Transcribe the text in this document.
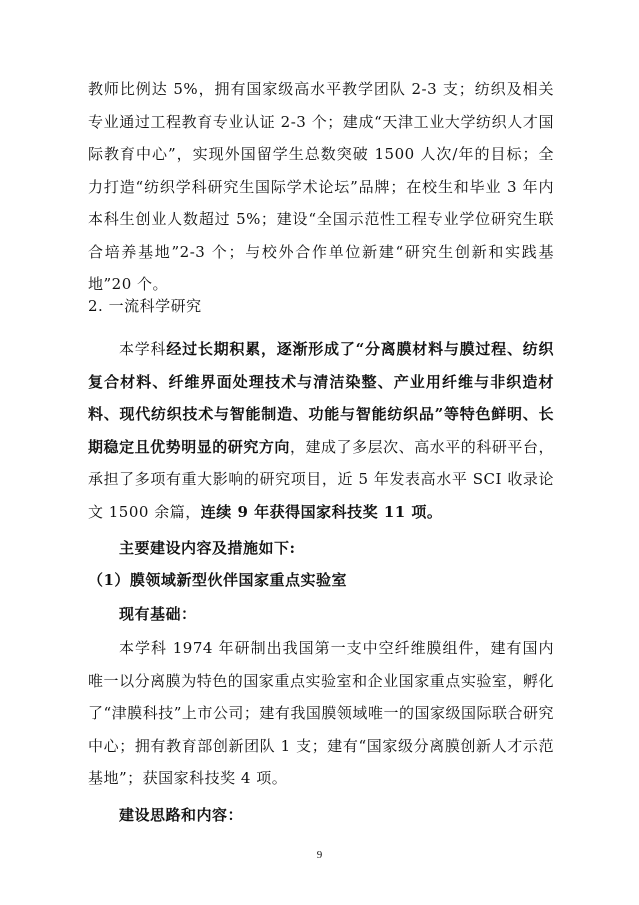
教师比例达 5%，拥有国家级高水平教学团队 2-3 支；纺织及相关专业通过工程教育专业认证 2-3 个；建成“天津工业大学纺织人才国际教育中心”，实现外国留学生总数突破 1500 人次/年的目标；全力打造“纺织学科研究生国际学术论坛”品牌；在校生和毕业 3 年内本科生创业人数超过 5%；建设“全国示范性工程专业学位研究生联合培养基地”2-3 个；与校外合作单位新建“研究生创新和实践基地”20 个。

2. 一流科学研究

本学科经过长期积累，逐渐形成了“分离膜材料与膜过程、纺织复合材料、纤维界面处理技术与清洁染整、产业用纤维与非织造材料、现代纺织技术与智能制造、功能与智能纺织品”等特色鲜明、长期稳定且优势明显的研究方向，建成了多层次、高水平的科研平台，承担了多项有重大影响的研究项目，近 5 年发表高水平 SCI 收录论文 1500 余篇，连续 9 年获得国家科技奖 11 项。

主要建设内容及措施如下:

（1）膜领域新型伙伴国家重点实验室

现有基础：

本学科 1974 年研制出我国第一支中空纤维膜组件，建有国内唯一以分离膜为特色的国家重点实验室和企业国家重点实验室，孵化了“津膜科技”上市公司；建有我国膜领域唯一的国家级国际联合研究中心；拥有教育部创新团队 1 支；建有“国家级分离膜创新人才示范基地”；获国家科技奖 4 项。

建设思路和内容：

9
